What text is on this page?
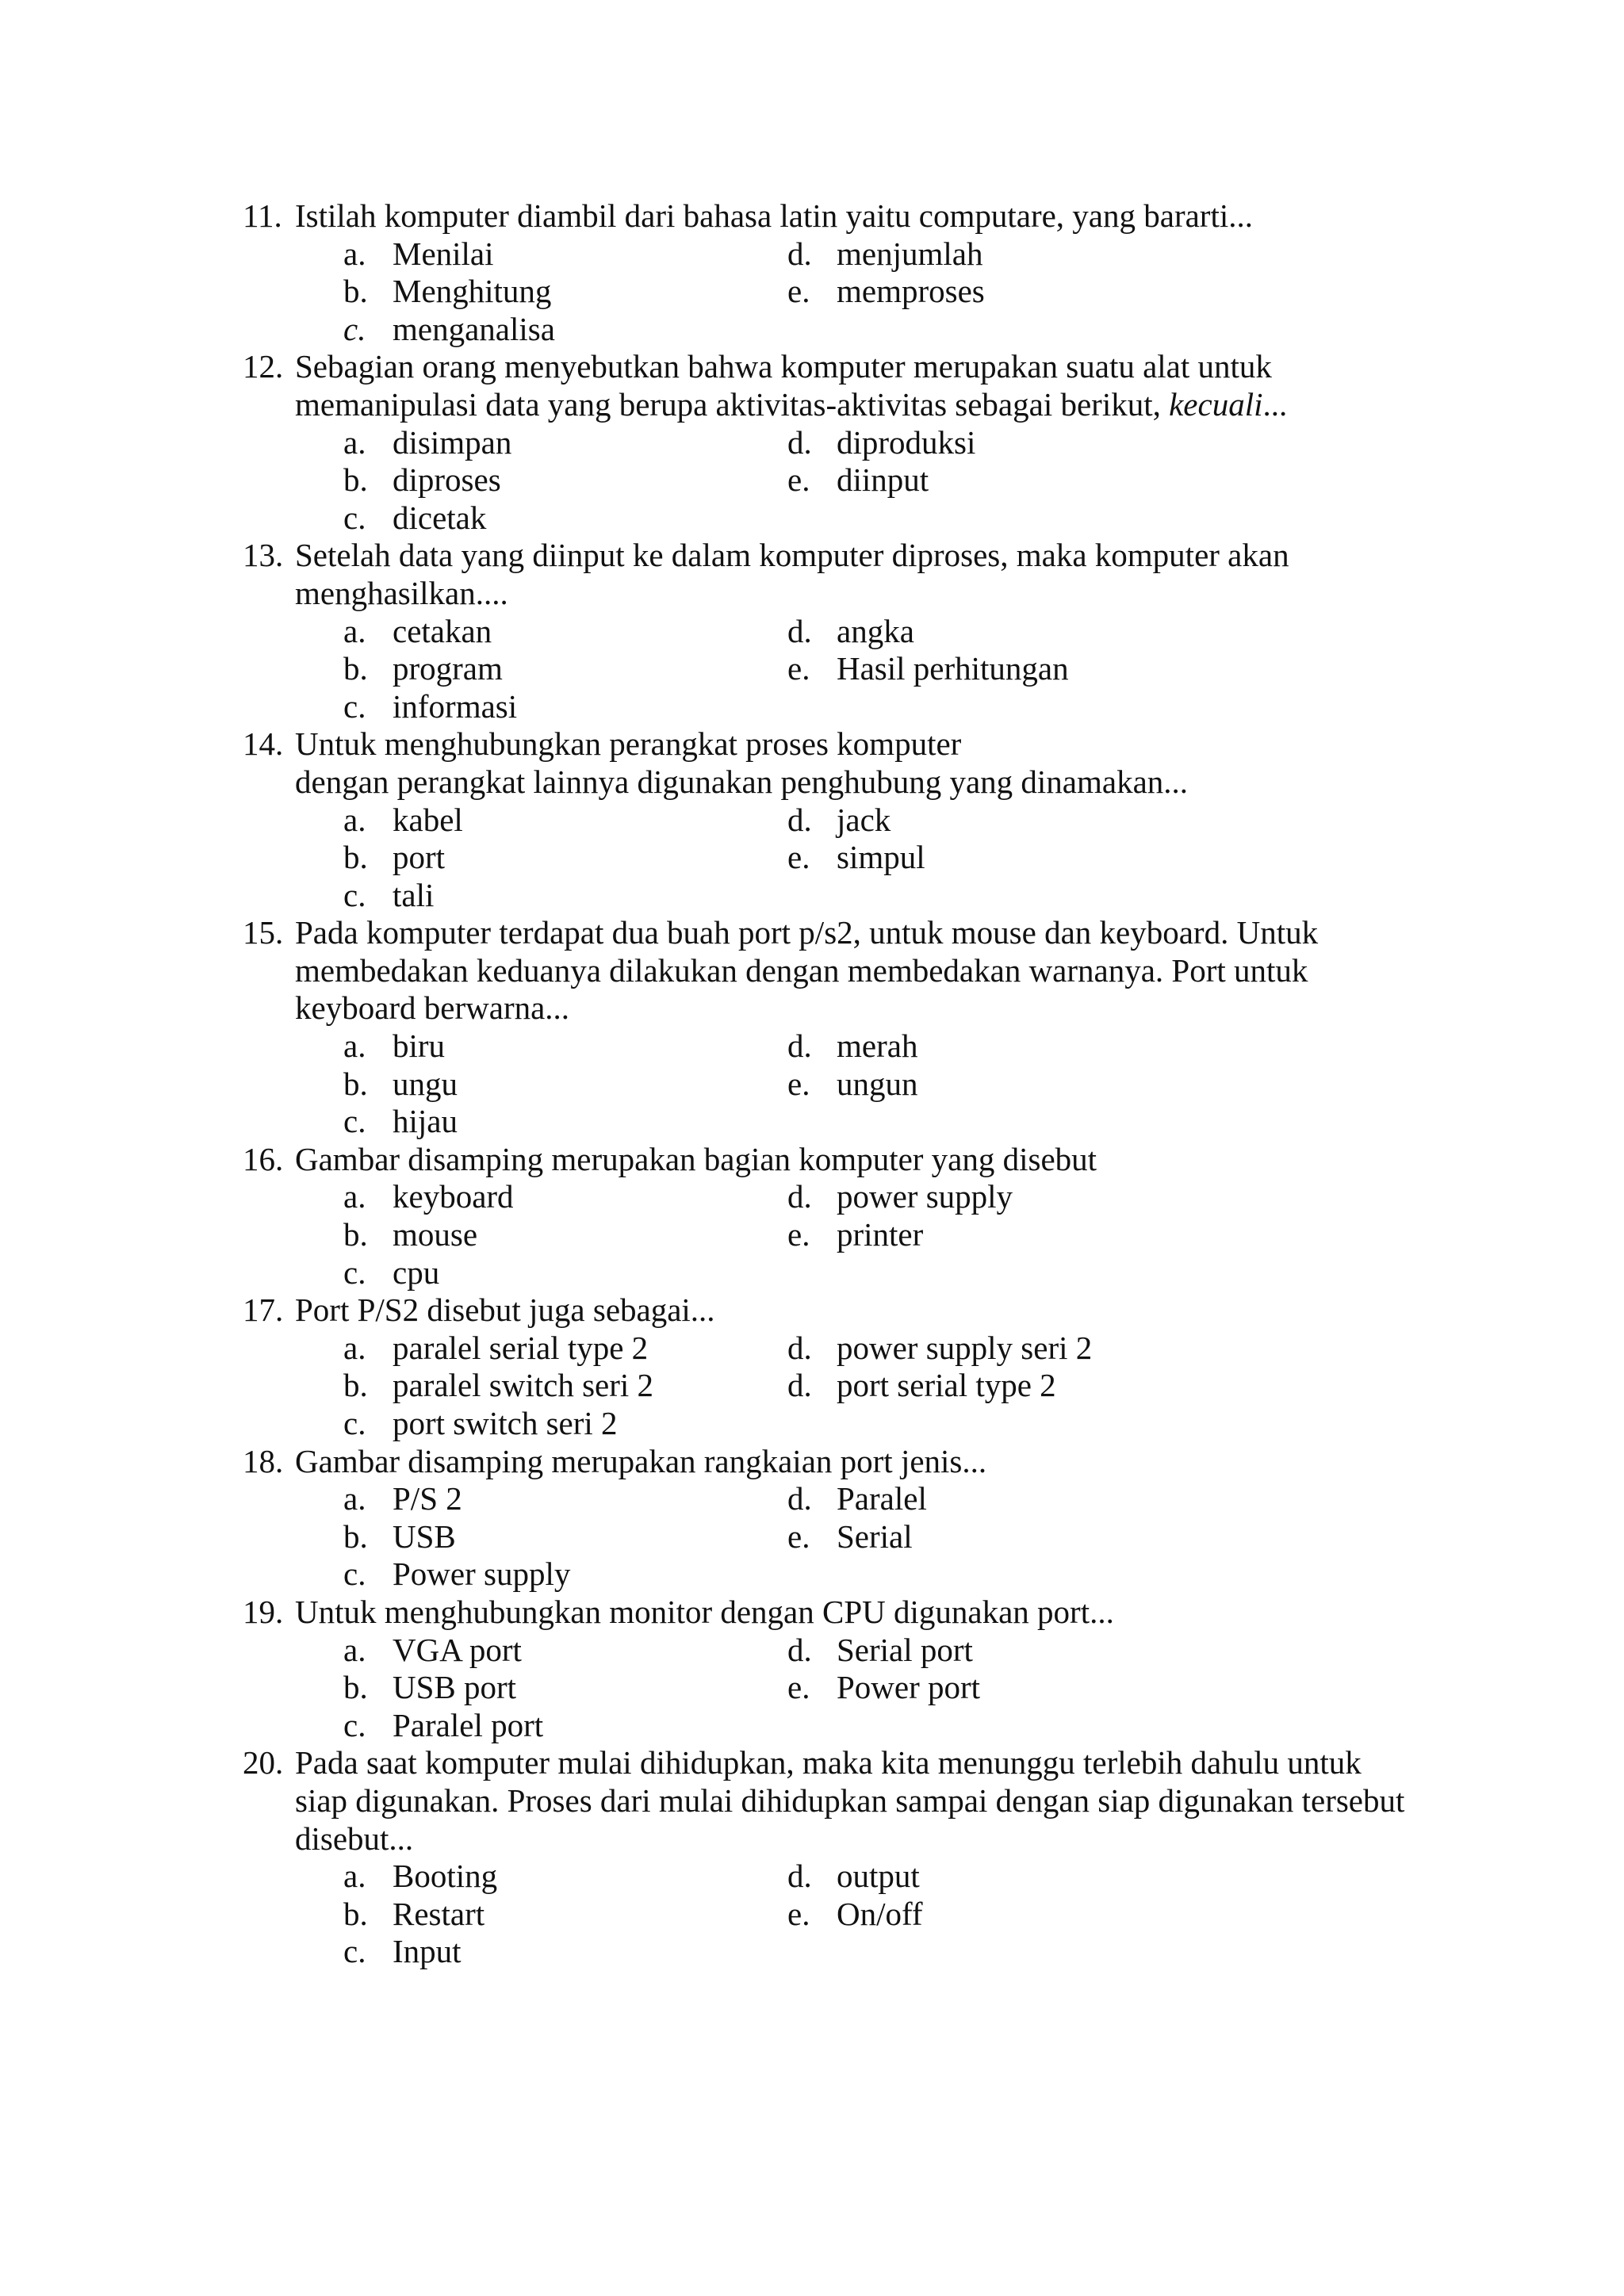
11. Istilah komputer diambil dari bahasa latin yaitu computare, yang bararti...
a. Menilai	d. menjumlah
b. Menghitung	e. memproses
c. menganalisa
12. Sebagian orang menyebutkan bahwa komputer merupakan suatu alat untuk
memanipulasi data yang berupa aktivitas-aktivitas sebagai berikut, kecuali...
a. disimpan	d. diproduksi
b. diproses	e. diinput
c. dicetak
13. Setelah data yang diinput ke dalam komputer diproses, maka komputer akan
menghasilkan....
a. cetakan	d. angka
b. program	e. Hasil perhitungan
c. informasi
14. Untuk menghubungkan perangkat proses komputer
dengan perangkat lainnya digunakan penghubung yang dinamakan...
a. kabel	d. jack
b. port	e. simpul
c. tali
15. Pada komputer terdapat dua buah port p/s2, untuk mouse dan keyboard. Untuk
membedakan keduanya dilakukan dengan membedakan warnanya. Port untuk
keyboard berwarna...
a. biru	d. merah
b. ungu	e. ungun
c. hijau
16. Gambar disamping merupakan bagian komputer yang disebut
a. keyboard	d. power supply
b. mouse	e. printer
c. cpu
17. Port P/S2 disebut juga sebagai...
a. paralel serial type 2	d. power supply seri 2
b. paralel switch seri 2	d. port serial type 2
c. port switch seri 2
18. Gambar disamping merupakan rangkaian port jenis...
a. P/S 2	d. Paralel
b. USB	e. Serial
c. Power supply
19. Untuk menghubungkan monitor dengan CPU digunakan port...
a. VGA port	d. Serial port
b. USB port	e. Power port
c. Paralel port
20. Pada saat komputer mulai dihidupkan, maka kita menunggu terlebih dahulu untuk
siap digunakan. Proses dari mulai dihidupkan sampai dengan siap digunakan tersebut
disebut...
a. Booting	d. output
b. Restart	e. On/off
c. Input
